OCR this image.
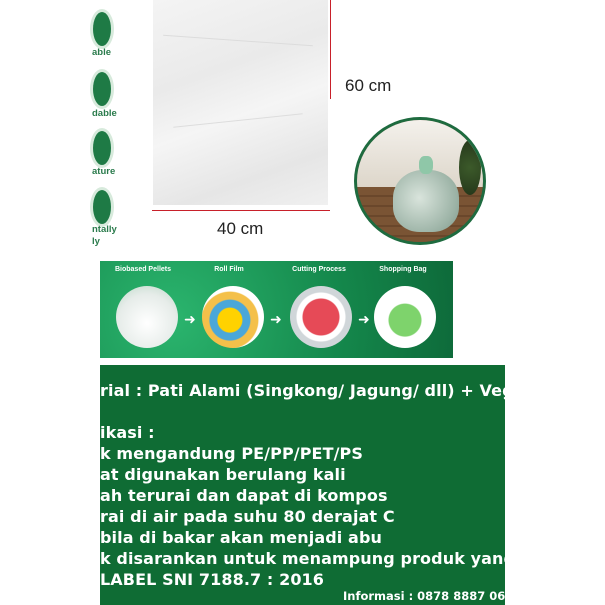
able
dable
ature
ntally
ly
60 cm
40 cm
Biobased Pellets	Roll Film	Cutting Process	Shopping Bag
➜	➜	➜
rial : Pati Alami (Singkong/ Jagung/ dll) + Vegetable Oil
ikasi :
k mengandung PE/PP/PET/PS
at digunakan berulang kali
ah terurai dan dapat di kompos
rai di air pada suhu 80 derajat C
bila di bakar akan menjadi abu
k disarankan untuk menampung produk yang basah
LABEL SNI 7188.7 : 2016
Informasi : 0878 8887 0618
